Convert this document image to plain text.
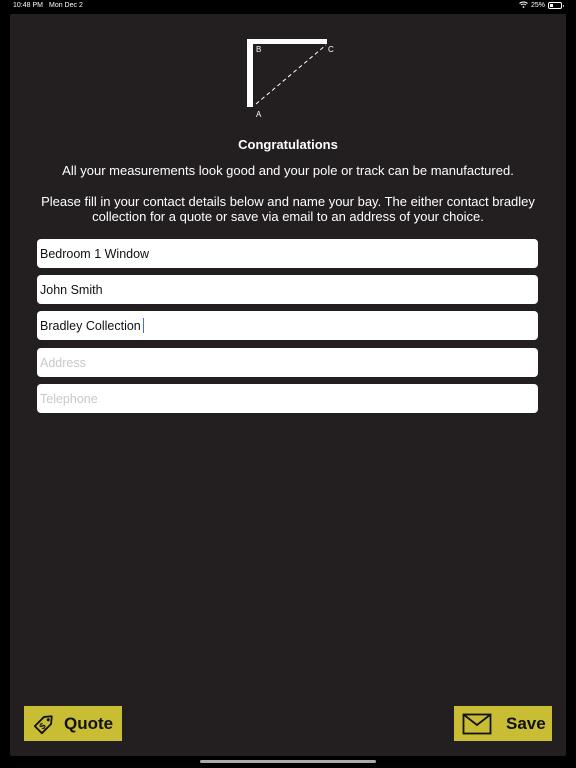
10:48 PM Mon Dec 2	25%
B	C
A
Congratulations
All your measurements look good and your pole or track can be manufactured.
Please fill in your contact details below and name your bay. The either contact bradley collection for a quote or save via email to an address of your choice.
Bedroom 1 Window
John Smith
Bradley Collection
Address
Telephone
$ Quote	Save
